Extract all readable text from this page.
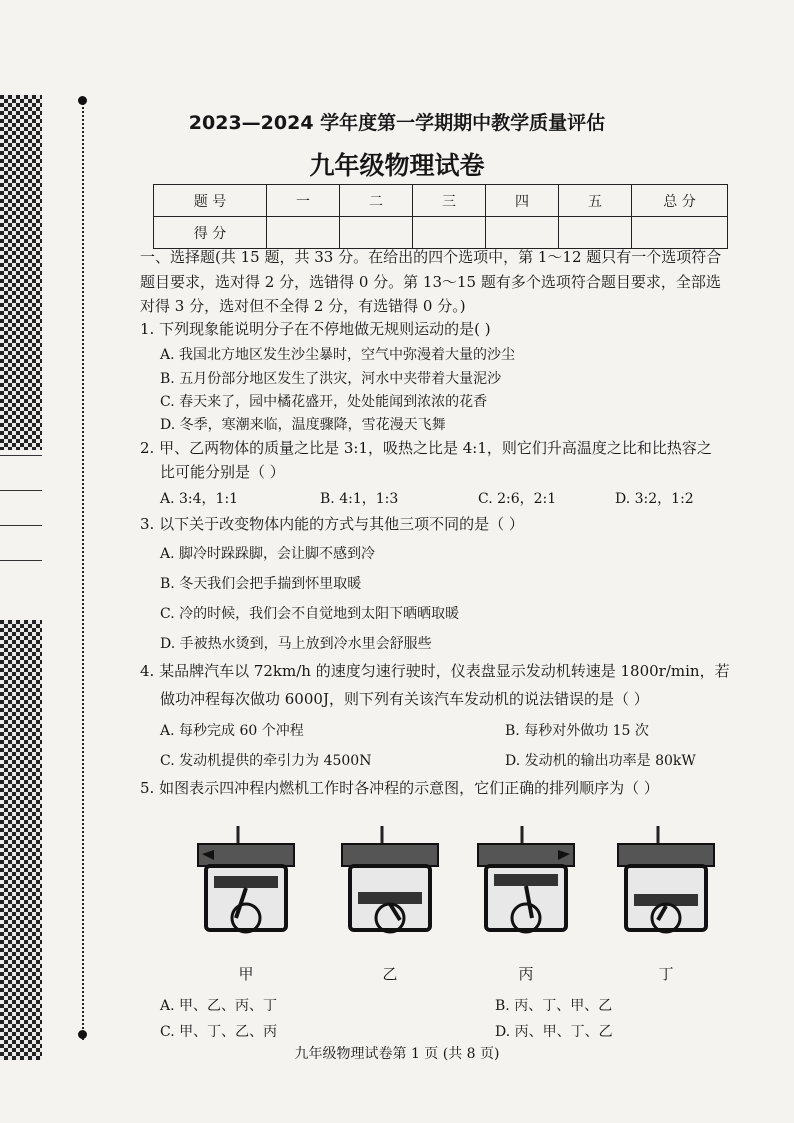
2023—2024 学年度第一学期期中教学质量评估
九年级物理试卷
题 号	一	二	三	四	五	总 分
得 分						
一、选择题(共 15 题，共 33 分。在给出的四个选项中，第 1～12 题只有一个选项符合
题目要求，选对得 2 分，选错得 0 分。第 13～15 题有多个选项符合题目要求，全部选
对得 3 分，选对但不全得 2 分，有选错得 0 分。)
1. 下列现象能说明分子在不停地做无规则运动的是( )
A. 我国北方地区发生沙尘暴时，空气中弥漫着大量的沙尘
B. 五月份部分地区发生了洪灾，河水中夹带着大量泥沙
C. 春天来了，园中橘花盛开，处处能闻到浓浓的花香
D. 冬季，寒潮来临，温度骤降，雪花漫天飞舞
2. 甲、乙两物体的质量之比是 3:1，吸热之比是 4:1，则它们升高温度之比和比热容之
比可能分别是（ ）
A. 3:4，1:1	B. 4:1，1:3	C. 2:6，2:1	D. 3:2，1:2
3. 以下关于改变物体内能的方式与其他三项不同的是（ ）
A. 脚冷时跺跺脚，会让脚不感到冷
B. 冬天我们会把手揣到怀里取暖
C. 冷的时候，我们会不自觉地到太阳下晒晒取暖
D. 手被热水烫到，马上放到冷水里会舒服些
4. 某品牌汽车以 72km/h 的速度匀速行驶时，仪表盘显示发动机转速是 1800r/min，若
做功冲程每次做功 6000J，则下列有关该汽车发动机的说法错误的是（ ）
A. 每秒完成 60 个冲程	B. 每秒对外做功 15 次
C. 发动机提供的牵引力为 4500N	D. 发动机的输出功率是 80kW
5. 如图表示四冲程内燃机工作时各冲程的示意图，它们正确的排列顺序为（ ）
甲	乙	丙	丁
A. 甲、乙、丙、丁	B. 丙、丁、甲、乙
C. 甲、丁、乙、丙	D. 丙、甲、丁、乙
九年级物理试卷第 1 页 (共 8 页)
